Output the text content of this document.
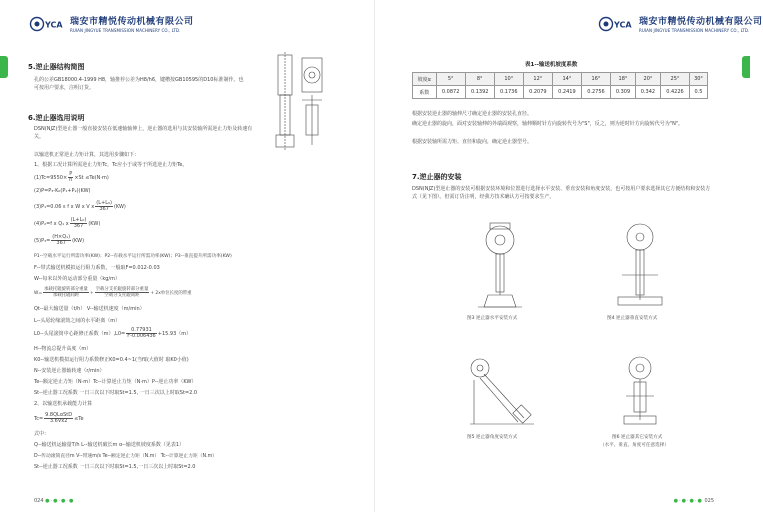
YCA 瑞安市精悦传动机械有限公司
RUIAN JINGYUE TRANSMISSION MACHINERY CO., LTD.
5.逆止器结构简图
孔的公差GB18000.4-1999 H8，轴推荐公差为H8/h6，键槽按GB10595的D10标准制作。也可按用户要求，注明订货。
6.逆止器选用说明
DSN(NJZ)型逆止器一般直接安装在低速轴轴伸上，逆止器的选用与其安装轴所需逆止力矩及转速有关。
以输送机正常逆止力矩计算，其选用步骤如下：
1、根据工况计算所需逆止力矩Tc，Tc应小于或等于所选逆止力矩Te。
$(1)Tc=9550\times \frac{P}{n} \times St \le Te(N\cdot m)$
(2)P=P₃-K₀(P₁+P₂)(KW)
(3)P₁=0.06 ε f x W x V x $\frac{\text{(L+L₀)}}{367} (KW)$
(4)P₂=f x Q₁ x $\frac{\text{(L+L₀)}}{367} (KW)$
$(5)P_3= \frac{\text{(H×Q₁)}}{367} (KW)$
P1--空载水平运行所需功率(KW)；P2--有载水平运行所需功率(KW)；P3--垂直提升所需功率(KW)
F--带式输送机模拟运行阻力系数，一般取F=0.012-0.03
W--每米以外的运动部分重量（kg/m）
$W= \frac{\text{承载托辊旋转部分重量}}{\text{承载托辊间距}} + \frac{\text{空载分支托辊旋转部分重量}}{\text{空载分支托辊间距}} + 2x$单位长度的带重
Qt--最大输送量（t/h） V--输送机速度（m/min）
L--头尾轮缘滚筒之间的水平距离（m）
L0--头尾滚筒中心距修正系数$(m),L0= \frac{0.77931}{F-0.006436} +15.93(m)$
H--物流总提升高度（m）
K0--输送机模拟运行阻力系数修正K0=0.4~1(当f取大值时 取K0小值)
N--安装逆止器轴转速（r/min）
Te--额定逆止力矩（N·m）Tc--计算逆止力矩（N·m）P--逆止功率（KW）
St--逆止器工况系数 一日三次以下时取St=1.5, 一日三次以上时取St=2.0
2、以输送机承载能力计算
$Tc= \frac{\text{9.8QLαStD}}{3.6Vx2} \le Te$
式中：
Q--输送机运输量T/h L--输送机破长m α--输送机坡度系数（见表1）
D--传动滚筒直径m V--带速m/s Te--额定逆止力矩（N.m） Tc--计算逆止力矩（N.m）
St--逆止器工况系数 一日三次以下时取St=1.5,一日三次以上时取St=2.0
024 ●·●·●·●
YCA 瑞安市精悦传动机械有限公司
RUIAN JINGYUE TRANSMISSION MACHINERY CO., LTD.
表1--输送机坡度系数
坡度α	5°	8°	10°	12°	14°	16°	18°	20°	25°	30°
系数	0.0872	0.1392	0.1736	0.2079	0.2419	0.2756	0.309	0.342	0.4226	0.5
根据安装逆止器的轴伸尺寸确定逆止器的安装孔直径。
确定逆止器的旋向，面对安装轴伸的外端面观察，轴伸顺时针方向旋转代号为"S"，反之，则为逆时针方向旋转代号为"N"。
根据安装轴所需力矩、直径和旋向，确定逆止器型号。
7.逆止器的安装
DSN(NJZ)型逆止器的安装可根据安装环境和位置进行选择水平安装、垂直安装和角度安装，也可按用户要求选择其它方便结构和安装方式（见下图）。但需订货注明，经我方技术确认方可按要求生产。
图3 逆止器水平安装方式	图4 逆止器垂直安装方式
图5 逆止器角度安装方式	图6 逆止器其它安装方式
（水平、垂直、角度可任意选择）
●·●·●·● 025
